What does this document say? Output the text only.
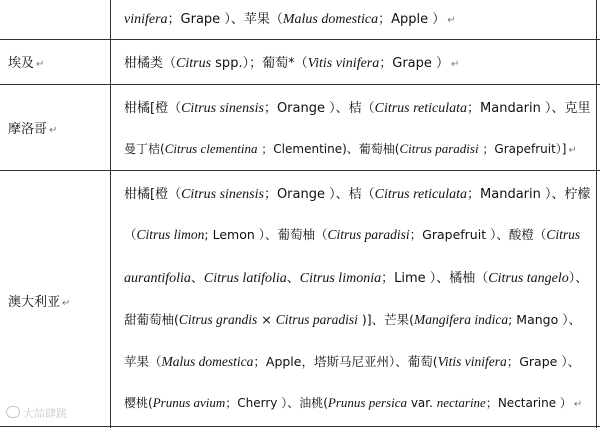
vinifera；Grape ）、苹果（Malus domestica；Apple ） ↵
埃及 ↵	柑橘类（Citrus spp.）；葡萄*（Vitis vinifera；Grape ） ↵
摩洛哥 ↵
柑橘[橙（Citrus sinensis；Orange ）、桔（Citrus reticulata；Mandarin ）、克里
曼丁桔(Citrus clementina ；Clementine)、葡萄柚(Citrus paradisi ；Grapefruit）] ↵
澳大利亚 ↵
柑橘[橙（Citrus sinensis；Orange ）、桔（Citrus reticulata；Mandarin ）、柠檬
（Citrus limon; Lemon ）、葡萄柚（Citrus paradisi；Grapefruit ）、酸橙（Citrus
aurantifolia、Citrus latifolia、Citrus limonia；Lime ）、橘柚（Citrus tangelo）、
甜葡萄柚(Citrus grandis × Citrus paradisi )]、芒果(Mangifera indica; Mango ）、
苹果（Malus domestica；Apple，塔斯马尼亚州）、葡萄(Vitis vinifera；Grape ）、
樱桃(Prunus avium；Cherry ）、油桃(Prunus persica var. nectarine；Nectarine ） ↵
大喆肆跳
